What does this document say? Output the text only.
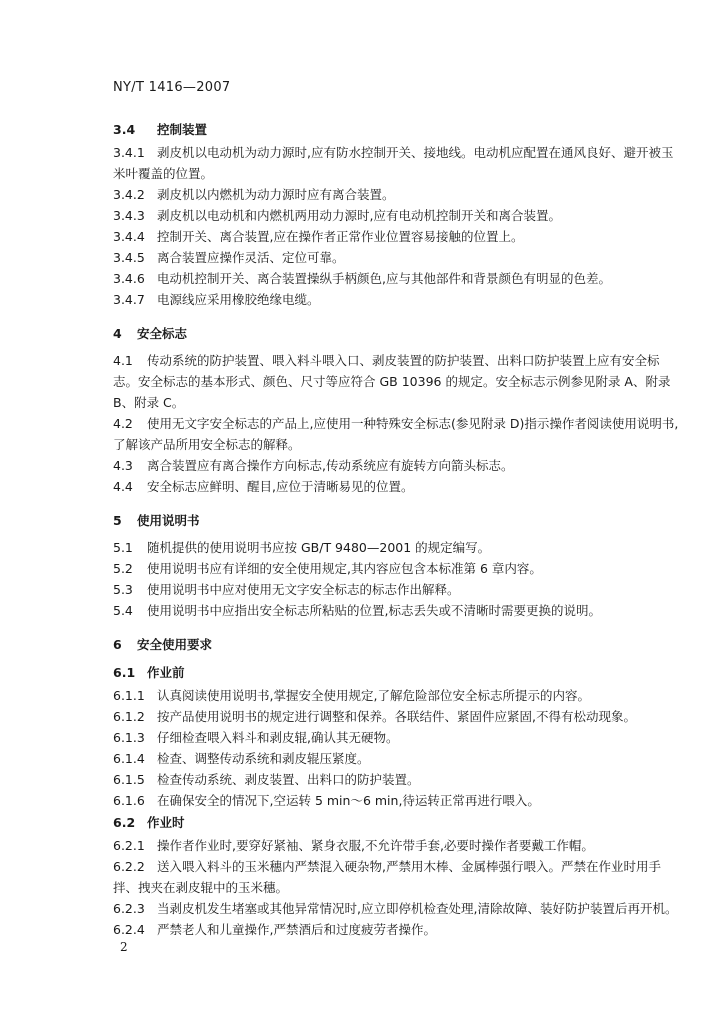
NY/T 1416—2007

3.4 控制装置

3.4.1 剥皮机以电动机为动力源时,应有防水控制开关、接地线。电动机应配置在通风良好、避开被玉米叶覆盖的位置。

3.4.2 剥皮机以内燃机为动力源时应有离合装置。

3.4.3 剥皮机以电动机和内燃机两用动力源时,应有电动机控制开关和离合装置。

3.4.4 控制开关、离合装置,应在操作者正常作业位置容易接触的位置上。

3.4.5 离合装置应操作灵活、定位可靠。

3.4.6 电动机控制开关、离合装置操纵手柄颜色,应与其他部件和背景颜色有明显的色差。

3.4.7 电源线应采用橡胶绝缘电缆。

4 安全标志

4.1 传动系统的防护装置、喂入料斗喂入口、剥皮装置的防护装置、出料口防护装置上应有安全标志。安全标志的基本形式、颜色、尺寸等应符合 GB 10396 的规定。安全标志示例参见附录 A、附录 B、附录 C。

4.2 使用无文字安全标志的产品上,应使用一种特殊安全标志(参见附录 D)指示操作者阅读使用说明书,了解该产品所用安全标志的解释。

4.3 离合装置应有离合操作方向标志,传动系统应有旋转方向箭头标志。

4.4 安全标志应鲜明、醒目,应位于清晰易见的位置。

5 使用说明书

5.1 随机提供的使用说明书应按 GB/T 9480—2001 的规定编写。

5.2 使用说明书应有详细的安全使用规定,其内容应包含本标准第 6 章内容。

5.3 使用说明书中应对使用无文字安全标志的标志作出解释。

5.4 使用说明书中应指出安全标志所粘贴的位置,标志丢失或不清晰时需要更换的说明。

6 安全使用要求

6.1 作业前

6.1.1 认真阅读使用说明书,掌握安全使用规定,了解危险部位安全标志所提示的内容。

6.1.2 按产品使用说明书的规定进行调整和保养。各联结件、紧固件应紧固,不得有松动现象。

6.1.3 仔细检查喂入料斗和剥皮辊,确认其无硬物。

6.1.4 检查、调整传动系统和剥皮辊压紧度。

6.1.5 检查传动系统、剥皮装置、出料口的防护装置。

6.1.6 在确保安全的情况下,空运转 5 min～6 min,待运转正常再进行喂入。

6.2 作业时

6.2.1 操作者作业时,要穿好紧袖、紧身衣服,不允许带手套,必要时操作者要戴工作帽。

6.2.2 送入喂入料斗的玉米穗内严禁混入硬杂物,严禁用木棒、金属棒强行喂入。严禁在作业时用手拌、拽夹在剥皮辊中的玉米穗。

6.2.3 当剥皮机发生堵塞或其他异常情况时,应立即停机检查处理,清除故障、装好防护装置后再开机。

6.2.4 严禁老人和儿童操作,严禁酒后和过度疲劳者操作。

2
